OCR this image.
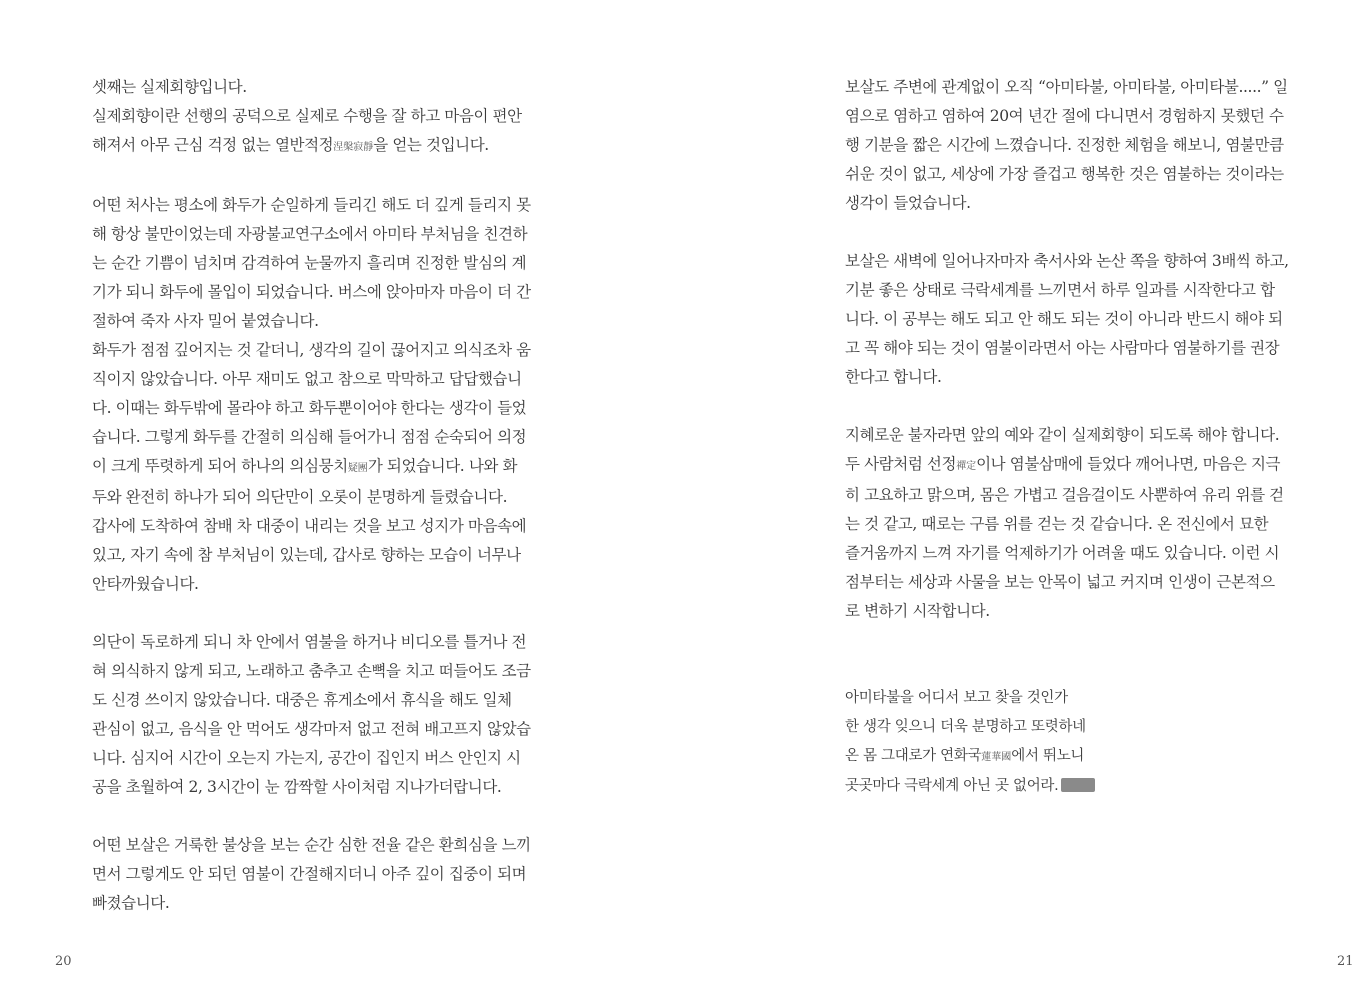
셋째는 실제회향입니다.
실제회향이란 선행의 공덕으로 실제로 수행을 잘 하고 마음이 편안
해져서 아무 근심 걱정 없는 열반적정涅槃寂靜을 얻는 것입니다.
어떤 처사는 평소에 화두가 순일하게 들리긴 해도 더 깊게 들리지 못
해 항상 불만이었는데 자광불교연구소에서 아미타 부처님을 친견하
는 순간 기쁨이 넘치며 감격하여 눈물까지 흘리며 진정한 발심의 계
기가 되니 화두에 몰입이 되었습니다. 버스에 앉아마자 마음이 더 간
절하여 죽자 사자 밀어 붙였습니다.
화두가 점점 깊어지는 것 같더니, 생각의 길이 끊어지고 의식조차 움
직이지 않았습니다. 아무 재미도 없고 참으로 막막하고 답답했습니
다. 이때는 화두밖에 몰라야 하고 화두뿐이어야 한다는 생각이 들었
습니다. 그렇게 화두를 간절히 의심해 들어가니 점점 순숙되어 의정
이 크게 뚜렷하게 되어 하나의 의심뭉치疑團가 되었습니다. 나와 화
두와 완전히 하나가 되어 의단만이 오롯이 분명하게 들렸습니다.
갑사에 도착하여 참배 차 대중이 내리는 것을 보고 성지가 마음속에
있고, 자기 속에 참 부처님이 있는데, 갑사로 향하는 모습이 너무나
안타까웠습니다.
의단이 독로하게 되니 차 안에서 염불을 하거나 비디오를 틀거나 전
혀 의식하지 않게 되고, 노래하고 춤추고 손뼉을 치고 떠들어도 조금
도 신경 쓰이지 않았습니다. 대중은 휴게소에서 휴식을 해도 일체
관심이 없고, 음식을 안 먹어도 생각마저 없고 전혀 배고프지 않았습
니다. 심지어 시간이 오는지 가는지, 공간이 집인지 버스 안인지 시
공을 초월하여 2, 3시간이 눈 깜짝할 사이처럼 지나가더랍니다.
어떤 보살은 거룩한 불상을 보는 순간 심한 전율 같은 환희심을 느끼
면서 그렇게도 안 되던 염불이 간절해지더니 아주 깊이 집중이 되며
빠졌습니다.
20
보살도 주변에 관계없이 오직 “아미타불, 아미타불, 아미타불.....” 일
염으로 염하고 염하여 20여 년간 절에 다니면서 경험하지 못했던 수
행 기분을 짧은 시간에 느꼈습니다. 진정한 체험을 해보니, 염불만큼
쉬운 것이 없고, 세상에 가장 즐겁고 행복한 것은 염불하는 것이라는
생각이 들었습니다.
보살은 새벽에 일어나자마자 축서사와 논산 쪽을 향하여 3배씩 하고,
기분 좋은 상태로 극락세계를 느끼면서 하루 일과를 시작한다고 합
니다. 이 공부는 해도 되고 안 해도 되는 것이 아니라 반드시 해야 되
고 꼭 해야 되는 것이 염불이라면서 아는 사람마다 염불하기를 권장
한다고 합니다.
지혜로운 불자라면 앞의 예와 같이 실제회향이 되도록 해야 합니다.
두 사람처럼 선정禪定이나 염불삼매에 들었다 깨어나면, 마음은 지극
히 고요하고 맑으며, 몸은 가볍고 걸음걸이도 사뿐하여 유리 위를 걷
는 것 같고, 때로는 구름 위를 걷는 것 같습니다. 온 전신에서 묘한
즐거움까지 느껴 자기를 억제하기가 어려울 때도 있습니다. 이런 시
점부터는 세상과 사물을 보는 안목이 넓고 커지며 인생이 근본적으
로 변하기 시작합니다.
아미타불을 어디서 보고 찾을 것인가
한 생각 잊으니 더욱 분명하고 또렷하네
온 몸 그대로가 연화국蓮華國에서 뛰노니
곳곳마다 극락세계 아닌 곳 없어라.
21
